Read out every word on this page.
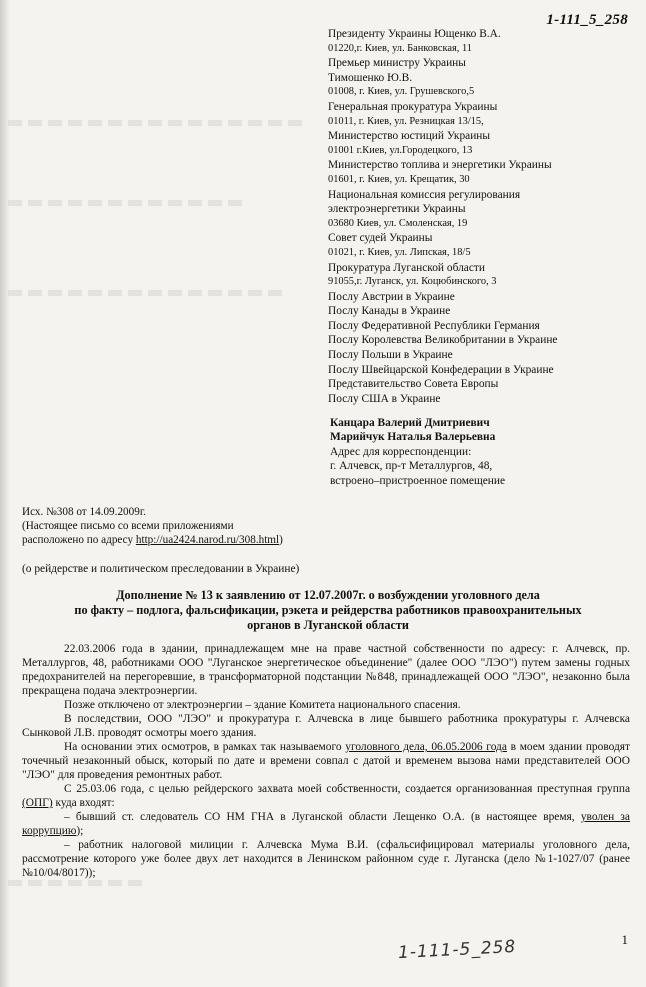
1-111_5_258
Президенту Украины Ющенко В.А.
01220,г. Киев, ул. Банковская, 11
Премьер министру Украины
Тимошенко Ю.В.
01008, г. Киев, ул. Грушевского,5
Генеральная прокуратура Украины
01011, г. Киев, ул. Резницкая 13/15,
Министерство юстиций Украины
01001 г.Киев, ул.Городецкого, 13
Министерство топлива и энергетики Украины
01601, г. Киев, ул. Крещатик, 30
Национальная комиссия регулирования
электроэнергетики Украины
03680 Киев, ул. Смоленская, 19
Совет судей Украины
01021, г. Киев, ул. Липская, 18/5
Прокуратура Луганской области
91055,г. Луганск, ул. Коцюбинского, 3
Послу Австрии в Украине
Послу Канады в Украине
Послу Федеративной Республики Германия
Послу Королевства Великобритании в Украине
Послу Польши в Украине
Послу Швейцарской Конфедерации в Украине
Представительство Совета Европы
Послу США в Украине
Канцара Валерий Дмитриевич
Марийчук Наталья Валерьевна
Адрес для корреспонденции:
г. Алчевск, пр-т Металлургов, 48,
встроено–пристроенное помещение
Исх. №308 от 14.09.2009г.
(Настоящее письмо со всеми приложениями
расположено по адресу http://ua2424.narod.ru/308.html)
(о рейдерстве и политическом преследовании в Украине)
Дополнение № 13 к заявлению от 12.07.2007г. о возбуждении уголовного дела
по факту – подлога, фальсификации, рэкета и рейдерства работников правоохранительных
органов в Луганской области

22.03.2006 года в здании, принадлежащем мне на праве частной собственности по адресу: г. Алчевск, пр. Металлургов, 48, работниками ООО "Луганское энергетическое объединение" (далее ООО "ЛЭО") путем замены годных предохранителей на перегоревшие, в трансформаторной подстанции №848, принадлежащей ООО "ЛЭО", незаконно была прекращена подача электроэнергии.

Позже отключено от электроэнергии – здание Комитета национального спасения.

В последствии, ООО "ЛЭО" и прокуратура г. Алчевска в лице бывшего работника прокуратуры г. Алчевска Сынковой Л.В. проводят осмотры моего здания.

На основании этих осмотров, в рамках так называемого уголовного дела, 06.05.2006 года в моем здании проводят точечный незаконный обыск, который по дате и времени совпал с датой и временем вызова нами представителей ООО "ЛЭО" для проведения ремонтных работ.

С 25.03.06 года, с целью рейдерского захвата моей собственности, создается организованная преступная группа (ОПГ) куда входят:

– бывший ст. следователь СО НМ ГНА в Луганской области Лещенко О.А. (в настоящее время, уволен за коррупцию);

– работник налоговой милиции г. Алчевска Мума В.И. (сфальсифицировал материалы уголовного дела, рассмотрение которого уже более двух лет находится в Ленинском районном суде г. Луганска (дело №1-1027/07 (ранее №10/04/8017));

1
1-111-5_258
